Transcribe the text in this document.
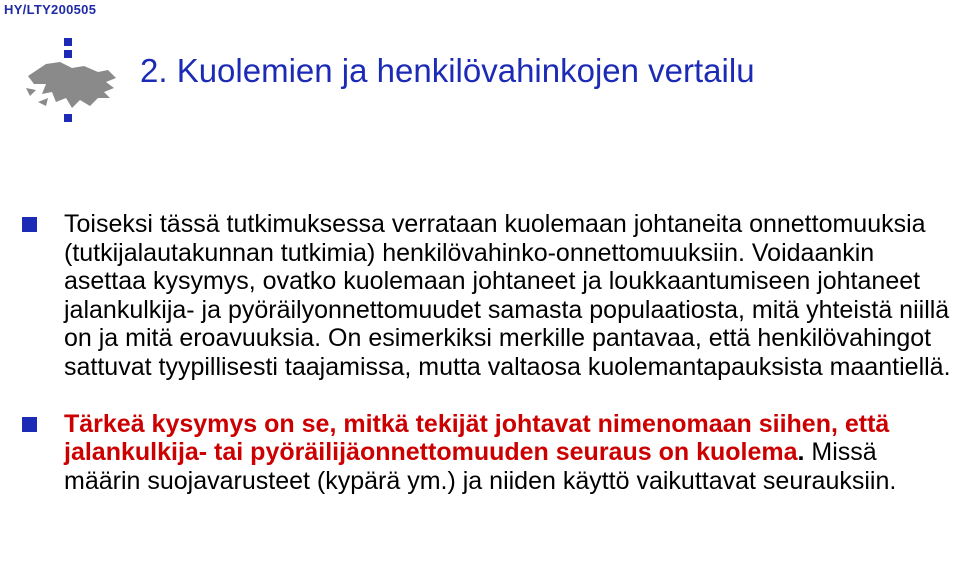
HY/LTY200505
2. Kuolemien ja henkilövahinkojen vertailu
Toiseksi tässä tutkimuksessa verrataan kuolemaan johtaneita onnettomuuksia (tutkijalautakunnan tutkimia) henkilövahinko-onnettomuuksiin. Voidaankin asettaa kysymys, ovatko kuolemaan johtaneet ja loukkaantumiseen johtaneet jalankulkija- ja pyöräilyonnettomuudet samasta populaatiosta, mitä yhteistä niillä on ja mitä eroavuuksia. On esimerkiksi merkille pantavaa, että henkilövahingot sattuvat tyypillisesti taajamissa, mutta valtaosa kuolemantapauksista maantiellä.
Tärkeä kysymys on se, mitkä tekijät johtavat nimenomaan siihen, että jalankulkija- tai pyöräilijäonnettomuuden seuraus on kuolema. Missä määrin suojavarusteet (kypärä ym.) ja niiden käyttö vaikuttavat seurauksiin.
